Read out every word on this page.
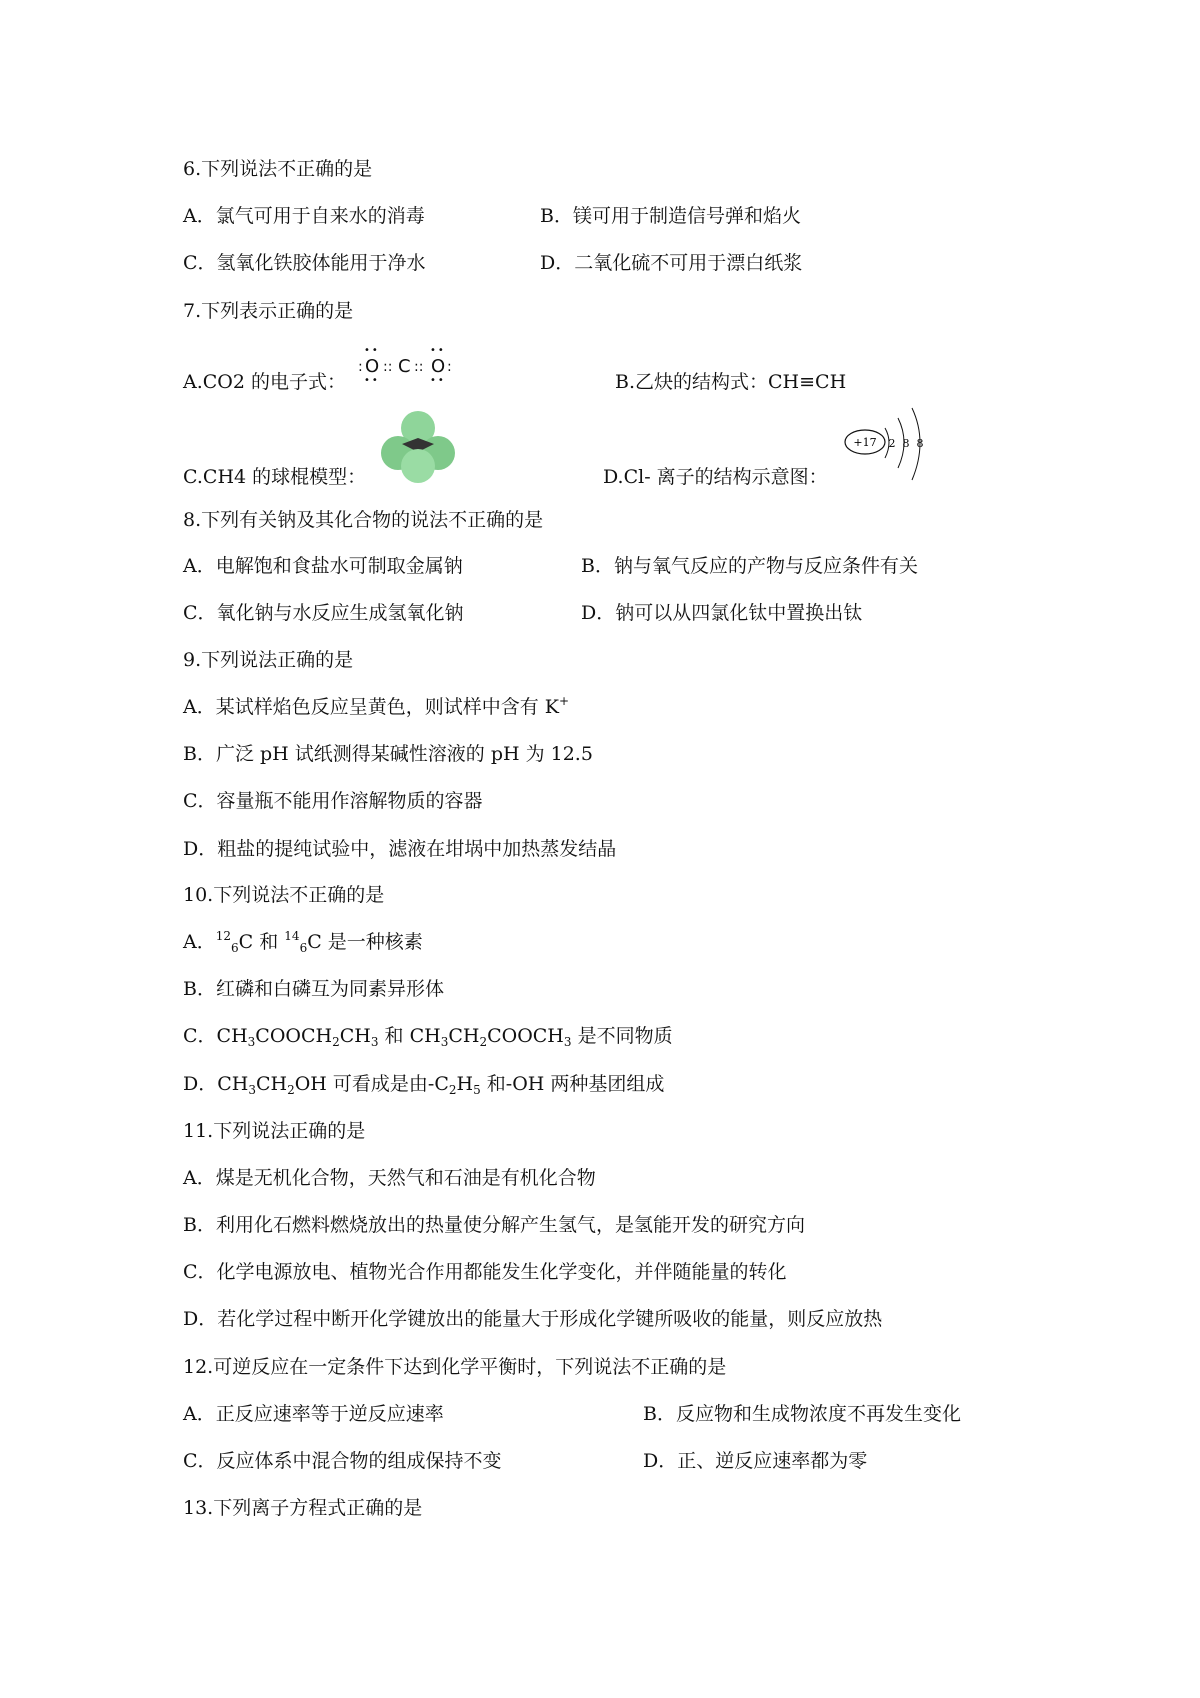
6.下列说法不正确的是
A．氯气可用于自来水的消毒	B．镁可用于制造信号弹和焰火
C．氢氧化铁胶体能用于净水	D．二氧化硫不可用于漂白纸浆
7.下列表示正确的是
A.CO2 的电子式：
:
••
O
••
:: C ::
••
O
••
:
B.乙炔的结构式：CH≡CH
C.CH4 的球棍模型：	D.Cl- 离子的结构示意图：
+17 2 8 8
8.下列有关钠及其化合物的说法不正确的是
A．电解饱和食盐水可制取金属钠	B．钠与氧气反应的产物与反应条件有关
C．氧化钠与水反应生成氢氧化钠	D．钠可以从四氯化钛中置换出钛
9.下列说法正确的是
A．某试样焰色反应呈黄色，则试样中含有 K+
B．广泛 pH 试纸测得某碱性溶液的 pH 为 12.5
C．容量瓶不能用作溶解物质的容器
D．粗盐的提纯试验中，滤液在坩埚中加热蒸发结晶
10.下列说法不正确的是
A．$^{12}_6$C 和 $^{14}_6$C 是一种核素
B．红磷和白磷互为同素异形体
C．$CH_3COOCH_2CH_3$ 和 $CH_3CH_2COOCH_3$ 是不同物质
D．$CH_3CH_2OH$ 可看成是由$-C_2H_5$ 和-OH 两种基团组成
11.下列说法正确的是
A．煤是无机化合物，天然气和石油是有机化合物
B．利用化石燃料燃烧放出的热量使分解产生氢气，是氢能开发的研究方向
C．化学电源放电、植物光合作用都能发生化学变化，并伴随能量的转化
D．若化学过程中断开化学键放出的能量大于形成化学键所吸收的能量，则反应放热
12.可逆反应在一定条件下达到化学平衡时，下列说法不正确的是
A．正反应速率等于逆反应速率	B．反应物和生成物浓度不再发生变化
C．反应体系中混合物的组成保持不变	D．正、逆反应速率都为零
13.下列离子方程式正确的是
